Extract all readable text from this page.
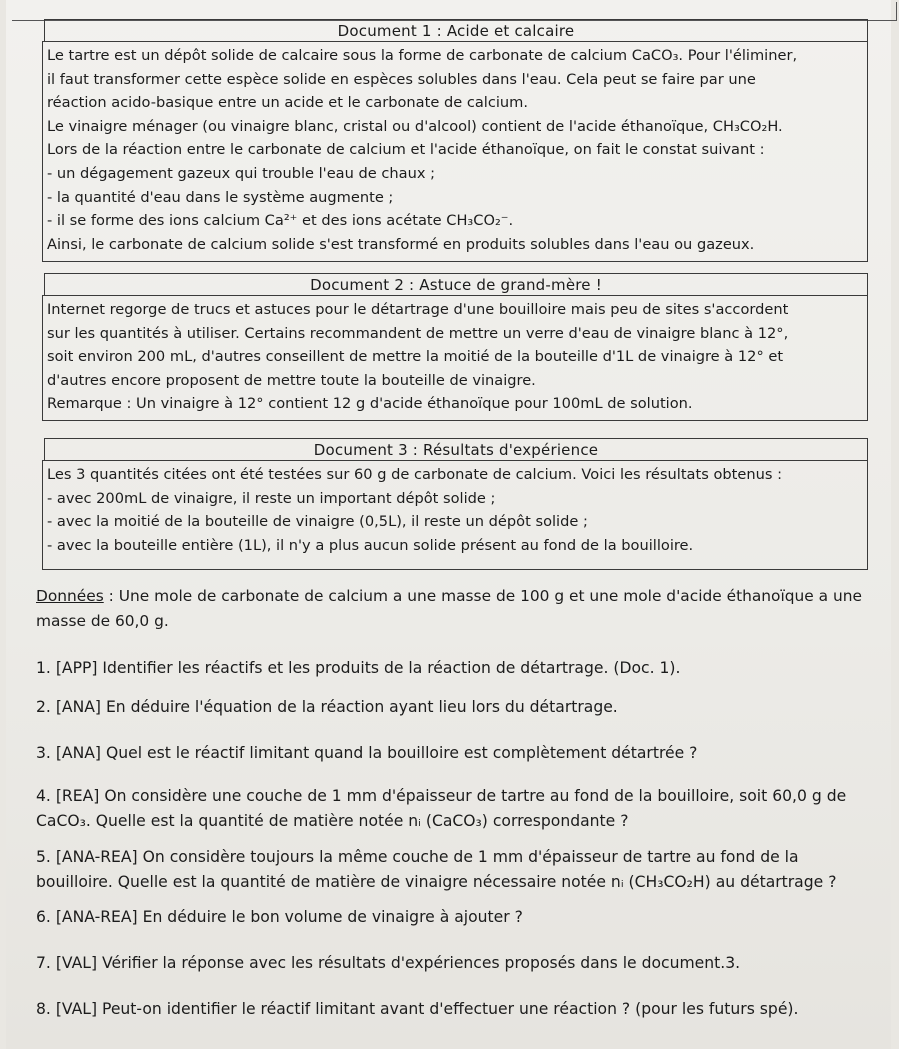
Document 1 : Acide et calcaire

Le tartre est un dépôt solide de calcaire sous la forme de carbonate de calcium CaCO₃. Pour l'éliminer,

il faut transformer cette espèce solide en espèces solubles dans l'eau. Cela peut se faire par une

réaction acido-basique entre un acide et le carbonate de calcium.

Le vinaigre ménager (ou vinaigre blanc, cristal ou d'alcool) contient de l'acide éthanoïque, CH₃CO₂H.

Lors de la réaction entre le carbonate de calcium et l'acide éthanoïque, on fait le constat suivant :

- un dégagement gazeux qui trouble l'eau de chaux ;

- la quantité d'eau dans le système augmente ;

- il se forme des ions calcium Ca²⁺ et des ions acétate CH₃CO₂⁻.

Ainsi, le carbonate de calcium solide s'est transformé en produits solubles dans l'eau ou gazeux.

Document 2 : Astuce de grand-mère !

Internet regorge de trucs et astuces pour le détartrage d'une bouilloire mais peu de sites s'accordent

sur les quantités à utiliser. Certains recommandent de mettre un verre d'eau de vinaigre blanc à 12°,

soit environ 200 mL, d'autres conseillent de mettre la moitié de la bouteille d'1L de vinaigre à 12° et

d'autres encore proposent de mettre toute la bouteille de vinaigre.

Remarque : Un vinaigre à 12° contient 12 g d'acide éthanoïque pour 100mL de solution.

Document 3 : Résultats d'expérience

Les 3 quantités citées ont été testées sur 60 g de carbonate de calcium. Voici les résultats obtenus :

- avec 200mL de vinaigre, il reste un important dépôt solide ;

- avec la moitié de la bouteille de vinaigre (0,5L), il reste un dépôt solide ;

- avec la bouteille entière (1L), il n'y a plus aucun solide présent au fond de la bouilloire.

Données : Une mole de carbonate de calcium a une masse de 100 g et une mole d'acide éthanoïque a une

masse de 60,0 g.

1. [APP] Identifier les réactifs et les produits de la réaction de détartrage. (Doc. 1).

2. [ANA] En déduire l'équation de la réaction ayant lieu lors du détartrage.

3. [ANA] Quel est le réactif limitant quand la bouilloire est complètement détartrée ?

4. [REA] On considère une couche de 1 mm d'épaisseur de tartre au fond de la bouilloire, soit 60,0 g de

CaCO₃. Quelle est la quantité de matière notée nᵢ (CaCO₃) correspondante ?

5. [ANA-REA] On considère toujours la même couche de 1 mm d'épaisseur de tartre au fond de la

bouilloire. Quelle est la quantité de matière de vinaigre nécessaire notée nᵢ (CH₃CO₂H) au détartrage ?

6. [ANA-REA] En déduire le bon volume de vinaigre à ajouter ?

7. [VAL] Vérifier la réponse avec les résultats d'expériences proposés dans le document.3.

8. [VAL] Peut-on identifier le réactif limitant avant d'effectuer une réaction ? (pour les futurs spé).
